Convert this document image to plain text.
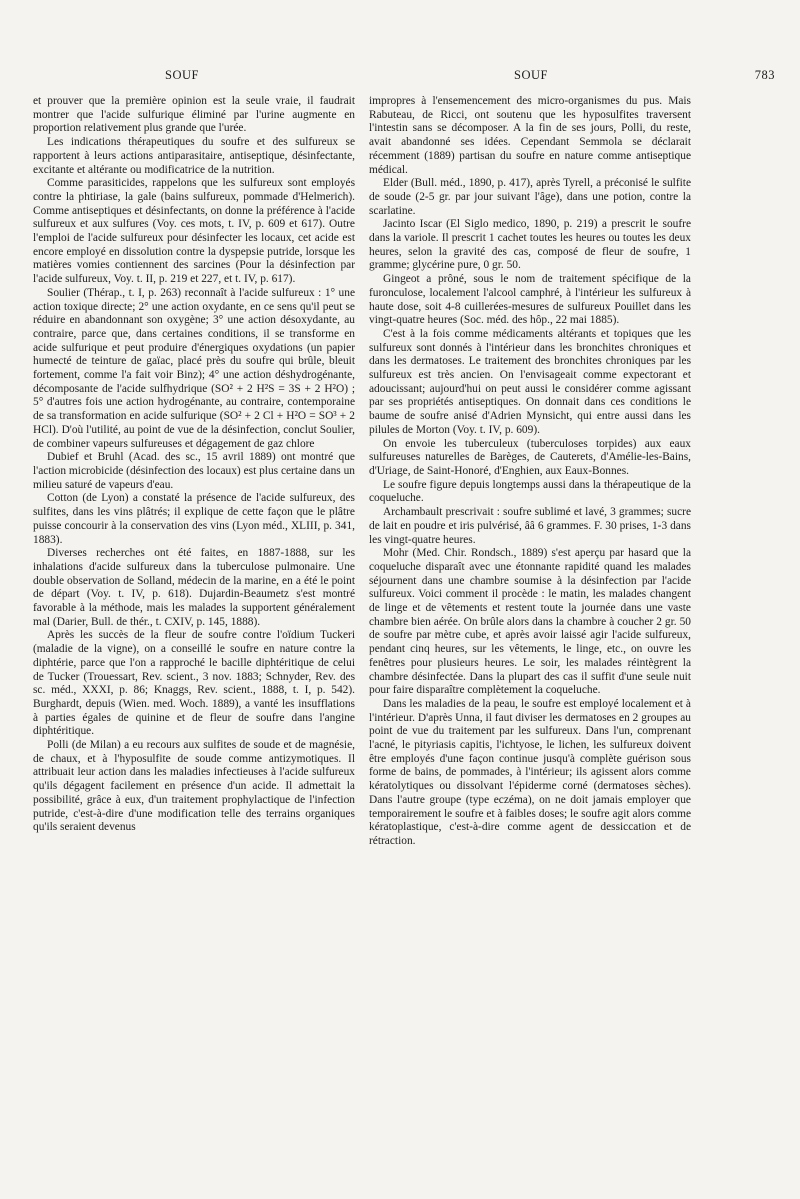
SOUF	SOUF	783

et prouver que la première opinion est la seule vraie, il faudrait montrer que l'acide sulfurique éliminé par l'urine augmente en proportion relativement plus grande que l'urée.

Les indications thérapeutiques du soufre et des sulfureux se rapportent à leurs actions antiparasitaire, antiseptique, désinfectante, excitante et altérante ou modificatrice de la nutrition.

Comme parasiticides, rappelons que les sulfureux sont employés contre la phtiriase, la gale (bains sulfureux, pommade d'Helmerich). Comme antiseptiques et désinfectants, on donne la préférence à l'acide sulfureux et aux sulfures (Voy. ces mots, t. IV, p. 609 et 617). Outre l'emploi de l'acide sulfureux pour désinfecter les locaux, cet acide est encore employé en dissolution contre la dyspepsie putride, lorsque les matières vomies contiennent des sarcines (Pour la désinfection par l'acide sulfureux, Voy. t. II, p. 219 et 227, et t. IV, p. 617).

Soulier (Thérap., t. I, p. 263) reconnaît à l'acide sulfureux : 1° une action toxique directe; 2° une action oxydante, en ce sens qu'il peut se réduire en abandonnant son oxygène; 3° une action désoxydante, au contraire, parce que, dans certaines conditions, il se transforme en acide sulfurique et peut produire d'énergiques oxydations (un papier humecté de teinture de gaïac, placé près du soufre qui brûle, bleuit fortement, comme l'a fait voir Binz); 4° une action déshydrogénante, décomposante de l'acide sulfhydrique (SO² + 2 H²S = 3S + 2 H²O) ; 5° d'autres fois une action hydrogénante, au contraire, contemporaine de sa transformation en acide sulfurique (SO² + 2 Cl + H²O = SO³ + 2 HCl). D'où l'utilité, au point de vue de la désinfection, conclut Soulier, de combiner vapeurs sulfureuses et dégagement de gaz chlore

Dubief et Bruhl (Acad. des sc., 15 avril 1889) ont montré que l'action microbicide (désinfection des locaux) est plus certaine dans un milieu saturé de vapeurs d'eau.

Cotton (de Lyon) a constaté la présence de l'acide sulfureux, des sulfites, dans les vins plâtrés; il explique de cette façon que le plâtre puisse concourir à la conservation des vins (Lyon méd., XLIII, p. 341, 1883).

Diverses recherches ont été faites, en 1887-1888, sur les inhalations d'acide sulfureux dans la tuberculose pulmonaire. Une double observation de Solland, médecin de la marine, en a été le point de départ (Voy. t. IV, p. 618). Dujardin-Beaumetz s'est montré favorable à la méthode, mais les malades la supportent généralement mal (Darier, Bull. de thér., t. CXIV, p. 145, 1888).

Après les succès de la fleur de soufre contre l'oïdium Tuckeri (maladie de la vigne), on a conseillé le soufre en nature contre la diphtérie, parce que l'on a rapproché le bacille diphtéritique de celui de Tucker (Trouessart, Rev. scient., 3 nov. 1883; Schnyder, Rev. des sc. méd., XXXI, p. 86; Knaggs, Rev. scient., 1888, t. I, p. 542). Burghardt, depuis (Wien. med. Woch. 1889), a vanté les insufflations à parties égales de quinine et de fleur de soufre dans l'angine diphtéritique.

Polli (de Milan) a eu recours aux sulfites de soude et de magnésie, de chaux, et à l'hyposulfite de soude comme antizymotiques. Il attribuait leur action dans les maladies infectieuses à l'acide sulfureux qu'ils dégagent facilement en présence d'un acide. Il admettait la possibilité, grâce à eux, d'un traitement prophylactique de l'infection putride, c'est-à-dire d'une modification telle des terrains organiques qu'ils seraient devenus

impropres à l'ensemencement des micro-organismes du pus. Mais Rabuteau, de Ricci, ont soutenu que les hyposulfites traversent l'intestin sans se décomposer. A la fin de ses jours, Polli, du reste, avait abandonné ses idées. Cependant Semmola se déclarait récemment (1889) partisan du soufre en nature comme antiseptique médical.

Elder (Bull. méd., 1890, p. 417), après Tyrell, a préconisé le sulfite de soude (2-5 gr. par jour suivant l'âge), dans une potion, contre la scarlatine.

Jacinto Iscar (El Siglo medico, 1890, p. 219) a prescrit le soufre dans la variole. Il prescrit 1 cachet toutes les heures ou toutes les deux heures, selon la gravité des cas, composé de fleur de soufre, 1 gramme; glycérine pure, 0 gr. 50.

Gingeot a prôné, sous le nom de traitement spécifique de la furonculose, localement l'alcool camphré, à l'intérieur les sulfureux à haute dose, soit 4-8 cuillerées-mesures de sulfureux Pouillet dans les vingt-quatre heures (Soc. méd. des hôp., 22 mai 1885).

C'est à la fois comme médicaments altérants et topiques que les sulfureux sont donnés à l'intérieur dans les bronchites chroniques et dans les dermatoses. Le traitement des bronchites chroniques par les sulfureux est très ancien. On l'envisageait comme expectorant et adoucissant; aujourd'hui on peut aussi le considérer comme agissant par ses propriétés antiseptiques. On donnait dans ces conditions le baume de soufre anisé d'Adrien Mynsicht, qui entre aussi dans les pilules de Morton (Voy. t. IV, p. 609).

On envoie les tuberculeux (tuberculoses torpides) aux eaux sulfureuses naturelles de Barèges, de Cauterets, d'Amélie-les-Bains, d'Uriage, de Saint-Honoré, d'Enghien, aux Eaux-Bonnes.

Le soufre figure depuis longtemps aussi dans la thérapeutique de la coqueluche.

Archambault prescrivait : soufre sublimé et lavé, 3 grammes; sucre de lait en poudre et iris pulvérisé, ââ 6 grammes. F. 30 prises, 1-3 dans les vingt-quatre heures.

Mohr (Med. Chir. Rondsch., 1889) s'est aperçu par hasard que la coqueluche disparaît avec une étonnante rapidité quand les malades séjournent dans une chambre soumise à la désinfection par l'acide sulfureux. Voici comment il procède : le matin, les malades changent de linge et de vêtements et restent toute la journée dans une vaste chambre bien aérée. On brûle alors dans la chambre à coucher 2 gr. 50 de soufre par mètre cube, et après avoir laissé agir l'acide sulfureux, pendant cinq heures, sur les vêtements, le linge, etc., on ouvre les fenêtres pour plusieurs heures. Le soir, les malades réintègrent la chambre désinfectée. Dans la plupart des cas il suffit d'une seule nuit pour faire disparaître complètement la coqueluche.

Dans les maladies de la peau, le soufre est employé localement et à l'intérieur. D'après Unna, il faut diviser les dermatoses en 2 groupes au point de vue du traitement par les sulfureux. Dans l'un, comprenant l'acné, le pityriasis capitis, l'ichtyose, le lichen, les sulfureux doivent être employés d'une façon continue jusqu'à complète guérison sous forme de bains, de pommades, à l'intérieur; ils agissent alors comme kératolytiques ou dissolvant l'épiderme corné (dermatoses sèches). Dans l'autre groupe (type eczéma), on ne doit jamais employer que temporairement le soufre et à faibles doses; le soufre agit alors comme kératoplastique, c'est-à-dire comme agent de dessiccation et de rétraction.
